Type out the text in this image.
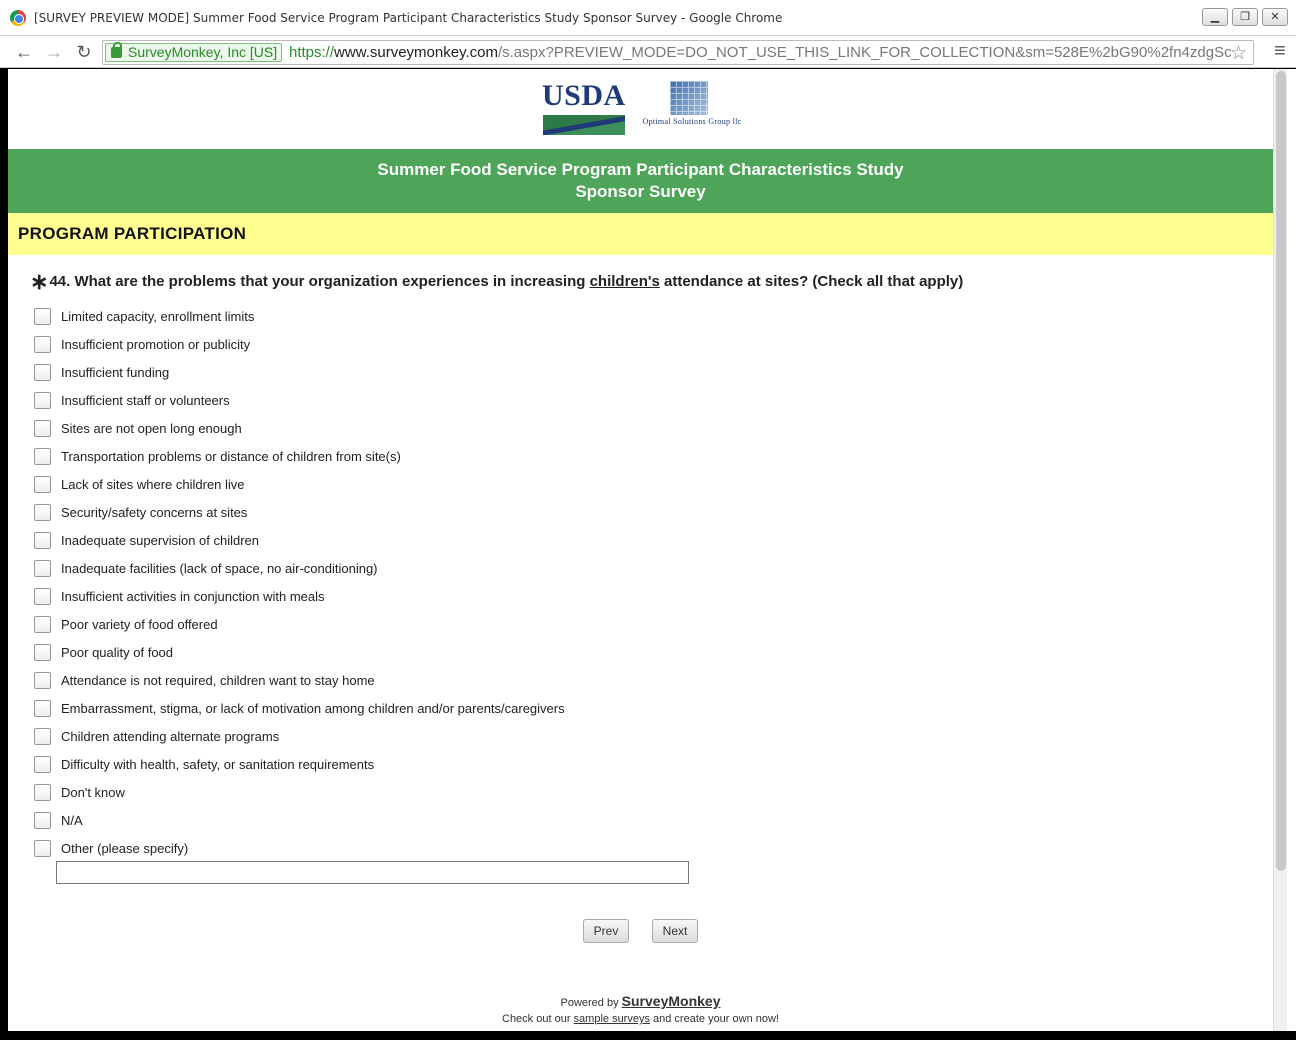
[SURVEY PREVIEW MODE] Summer Food Service Program Participant Characteristics Study Sponsor Survey - Google Chrome	▁	❐	✕
← → ↻	SurveyMonkey, Inc [US] https://www.surveymonkey.com/s.aspx?PREVIEW_MODE=DO_NOT_USE_THIS_LINK_FOR_COLLECTION&sm=528E%2bG90%2fn4zdgSc
☆ ≡
USDA
Optimal Solutions Group llc
Summer Food Service Program Participant Characteristics Study
Sponsor Survey
PROGRAM PARTICIPATION
∗44. What are the problems that your organization experiences in increasing children's attendance at sites? (Check all that apply)
Limited capacity, enrollment limits
Insufficient promotion or publicity
Insufficient funding
Insufficient staff or volunteers
Sites are not open long enough
Transportation problems or distance of children from site(s)
Lack of sites where children live
Security/safety concerns at sites
Inadequate supervision of children
Inadequate facilities (lack of space, no air-conditioning)
Insufficient activities in conjunction with meals
Poor variety of food offered
Poor quality of food
Attendance is not required, children want to stay home
Embarrassment, stigma, or lack of motivation among children and/or parents/caregivers
Children attending alternate programs
Difficulty with health, safety, or sanitation requirements
Don't know
N/A
Other (please specify)
Prev	Next
Powered by SurveyMonkey
Check out our sample surveys and create your own now!
